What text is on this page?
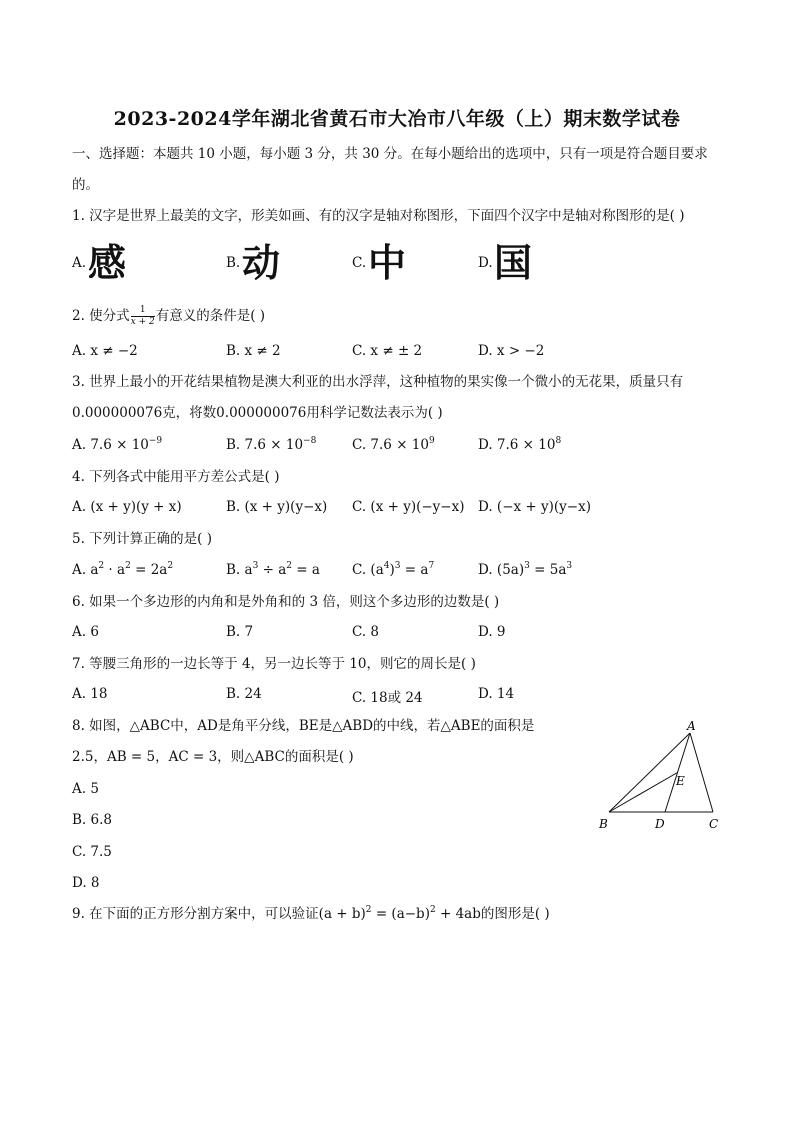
2023-2024学年湖北省黄石市大冶市八年级（上）期末数学试卷
一、选择题：本题共 10 小题，每小题 3 分，共 30 分。在每小题给出的选项中，只有一项是符合题目要求
的。
1. 汉字是世界上最美的文字，形美如画、有的汉字是轴对称图形，下面四个汉字中是轴对称图形的是( )
A. 感	B. 动	C. 中	D. 国
2. 使分式 $\frac{1}{x + 2}$ 有意义的条件是( )
A. x ≠ −2	B. x ≠ 2	C. x ≠ ± 2	D. x > −2
3. 世界上最小的开花结果植物是澳大利亚的出水浮萍，这种植物的果实像一个微小的无花果，质量只有
0.000000076克，将数0.000000076用科学记数法表示为( )
A. $7.6 \times 10^{-9}$	B. $7.6 \times 10^{-8}$	C. $7.6 \times 10^9$	D. $7.6 \times 10^8$
4. 下列各式中能用平方差公式是( )
A. (x + y)(y + x)	B. (x + y)(y−x) C. (x + y)(−y−x) D. (−x + y)(y−x)
5. 下列计算正确的是( )
A. $a^2 \cdot a^2 = 2a^2$	B. $a^3 \div a^2 = a$ C. $(a^4)^3 = a^7$	D. $(5a)^3 = 5a^3$
6. 如果一个多边形的内角和是外角和的 3 倍，则这个多边形的边数是( )
A. 6	B. 7	C. 8	D. 9
7. 等腰三角形的一边长等于 4，另一边长等于 10，则它的周长是( )
A. 18	B. 24	C. 18或 24	D. 14
8. 如图，△ABC中，AD是角平分线，BE是△ABD的中线，若△ABE的面积是
2.5，AB = 5，AC = 3，则△ABC的面积是( )
A. 5
B. 6.8
C. 7.5
D. 8
A
E
B	D	C
9. 在下面的正方形分割方案中，可以验证$(a + b)^2 = (a-b)^2 + 4ab$的图形是( )
